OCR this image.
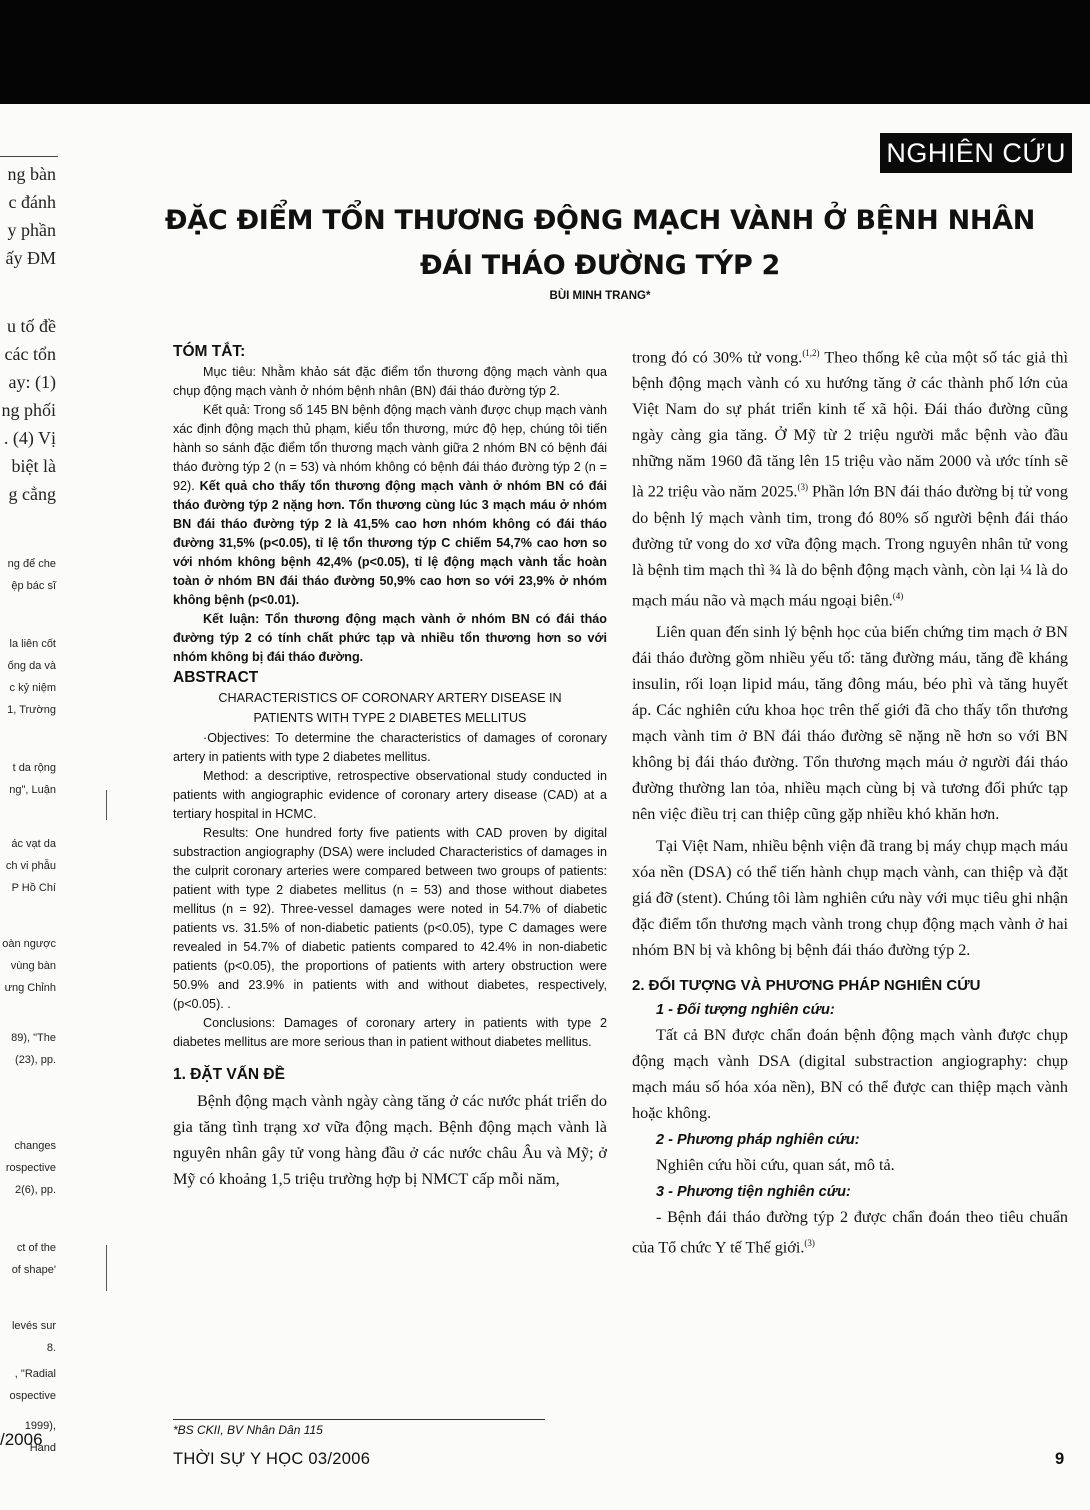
NGHIÊN CỨU
ng bàn
c đánh
y phần
ấy ĐM
u tố đề
các tổn
ay: (1)
ng phối
. (4) Vị
biệt là
g cẳng
ng để che
ệp bác sĩ
la liên cốt
ống da và
c kỷ niệm
1, Trường
t da rộng
ng", Luận
ác vạt da
ch vi phẫu
P Hồ Chí
oàn ngược
vùng bàn
ưng Chỉnh
89), "The
(23), pp.
changes
rospective
2(6), pp.
ct of the
of shape'
levés sur
8.
, "Radial
ospective
1999),
Hand
/2006
ĐẶC ĐIỂM TỔN THƯƠNG ĐỘNG MẠCH VÀNH Ở BỆNH NHÂN
ĐÁI THÁO ĐƯỜNG TÝP 2
BÙI MINH TRANG*
TÓM TẮT:

Mục tiêu: Nhằm khảo sát đặc điểm tổn thương động mạch vành qua chụp động mạch vành ở nhóm bệnh nhân (BN) đái tháo đường týp 2.

Kết quả: Trong số 145 BN bệnh động mạch vành được chụp mạch vành xác định động mạch thủ phạm, kiểu tổn thương, mức độ hẹp, chúng tôi tiến hành so sánh đặc điểm tổn thương mạch vành giữa 2 nhóm BN có bệnh đái tháo đường týp 2 (n = 53) và nhóm không có bệnh đái tháo đường týp 2 (n = 92). Kết quả cho thấy tổn thương động mạch vành ở nhóm BN có đái tháo đường týp 2 nặng hơn. Tổn thương cùng lúc 3 mạch máu ở nhóm BN đái tháo đường týp 2 là 41,5% cao hơn nhóm không có đái tháo đường 31,5% (p<0.05), tỉ lệ tổn thương týp C chiếm 54,7% cao hơn so với nhóm không bệnh 42,4% (p<0.05), tỉ lệ động mạch vành tắc hoàn toàn ở nhóm BN đái tháo đường 50,9% cao hơn so với 23,9% ở nhóm không bệnh (p<0.01).

Kết luận: Tổn thương động mạch vành ở nhóm BN có đái tháo đường týp 2 có tính chất phức tạp và nhiều tổn thương hơn so với nhóm không bị đái tháo đường.

ABSTRACT
CHARACTERISTICS OF CORONARY ARTERY DISEASE IN
PATIENTS WITH TYPE 2 DIABETES MELLITUS

·Objectives: To determine the characteristics of damages of coronary artery in patients with type 2 diabetes mellitus.

Method: a descriptive, retrospective observational study conducted in patients with angiographic evidence of coronary artery disease (CAD) at a tertiary hospital in HCMC.

Results: One hundred forty five patients with CAD proven by digital substraction angiography (DSA) were included Characteristics of damages in the culprit coronary arteries were compared between two groups of patients: patient with type 2 diabetes mellitus (n = 53) and those without diabetes mellitus (n = 92). Three-vessel damages were noted in 54.7% of diabetic patients vs. 31.5% of non-diabetic patients (p<0.05), type C damages were revealed in 54.7% of diabetic patients compared to 42.4% in non-diabetic patients (p<0.05), the proportions of patients with artery obstruction were 50.9% and 23.9% in patients with and without diabetes, respectively, (p<0.05). .

Conclusions: Damages of coronary artery in patients with type 2 diabetes mellitus are more serious than in patient without diabetes mellitus.

1. ĐẶT VẤN ĐỀ

Bệnh động mạch vành ngày càng tăng ở các nước phát triển do gia tăng tình trạng xơ vữa động mạch. Bệnh động mạch vành là nguyên nhân gây tử vong hàng đầu ở các nước châu Âu và Mỹ; ở Mỹ có khoảng 1,5 triệu trường hợp bị NMCT cấp mỗi năm,

trong đó có 30% tử vong.$^{(1,2)}$ Theo thống kê của một số tác giả thì bệnh động mạch vành có xu hướng tăng ở các thành phố lớn của Việt Nam do sự phát triển kinh tế xã hội. Đái tháo đường cũng ngày càng gia tăng. Ở Mỹ từ 2 triệu người mắc bệnh vào đầu những năm 1960 đã tăng lên 15 triệu vào năm 2000 và ước tính sẽ là 22 triệu vào năm 2025.$^{(3)}$ Phần lớn BN đái tháo đường bị tử vong do bệnh lý mạch vành tim, trong đó 80% số người bệnh đái tháo đường tử vong do xơ vữa động mạch. Trong nguyên nhân tử vong là bệnh tim mạch thì ¾ là do bệnh động mạch vành, còn lại ¼ là do mạch máu não và mạch máu ngoại biên.$^{(4)}$

Liên quan đến sinh lý bệnh học của biến chứng tim mạch ở BN đái tháo đường gồm nhiều yếu tố: tăng đường máu, tăng đề kháng insulin, rối loạn lipid máu, tăng đông máu, béo phì và tăng huyết áp. Các nghiên cứu khoa học trên thế giới đã cho thấy tổn thương mạch vành tim ở BN đái tháo đường sẽ nặng nề hơn so với BN không bị đái tháo đường. Tổn thương mạch máu ở người đái tháo đường thường lan tỏa, nhiều mạch cùng bị và tương đối phức tạp nên việc điều trị can thiệp cũng gặp nhiều khó khăn hơn.

Tại Việt Nam, nhiều bệnh viện đã trang bị máy chụp mạch máu xóa nền (DSA) có thể tiến hành chụp mạch vành, can thiệp và đặt giá đỡ (stent). Chúng tôi làm nghiên cứu này với mục tiêu ghi nhận đặc điểm tổn thương mạch vành trong chụp động mạch vành ở hai nhóm BN bị và không bị bệnh đái tháo đường týp 2.

2. ĐỐI TƯỢNG VÀ PHƯƠNG PHÁP NGHIÊN CỨU
1 - Đối tượng nghiên cứu:

Tất cả BN được chẩn đoán bệnh động mạch vành được chụp động mạch vành DSA (digital substraction angiography: chụp mạch máu số hóa xóa nền), BN có thể được can thiệp mạch vành hoặc không.

2 - Phương pháp nghiên cứu:

Nghiên cứu hồi cứu, quan sát, mô tả.

3 - Phương tiện nghiên cứu:

- Bệnh đái tháo đường týp 2 được chẩn đoán theo tiêu chuẩn của Tổ chức Y tế Thế giới.$^{(3)}$

*BS CKII, BV Nhân Dân 115
THỜI SỰ Y HỌC 03/2006	9
